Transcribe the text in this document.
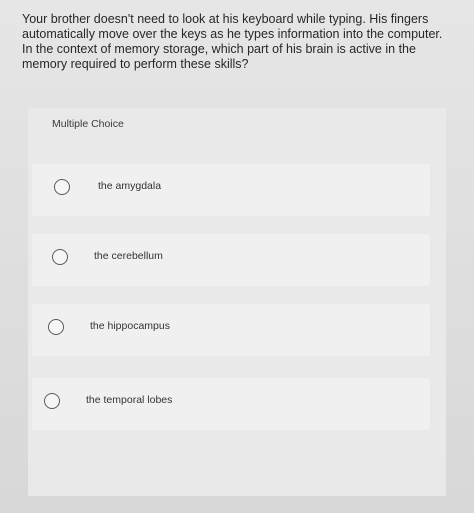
Your brother doesn't need to look at his keyboard while typing. His fingers automatically move over the keys as he types information into the computer. In the context of memory storage, which part of his brain is active in the memory required to perform these skills?
Multiple Choice
the amygdala
the cerebellum
the hippocampus
the temporal lobes
